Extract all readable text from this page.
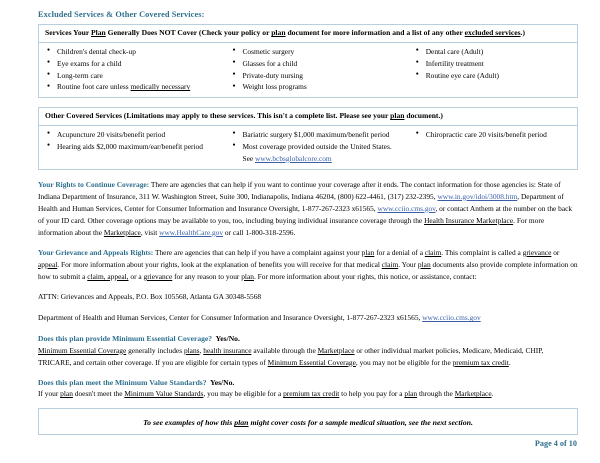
Excluded Services & Other Covered Services:
Services Your Plan Generally Does NOT Cover (Check your policy or plan document for more information and a list of any other excluded services.)

● Children's dental check-up
● Eye exams for a child
● Long-term care
● Routine foot care unless medically necessary

● Cosmetic surgery
● Glasses for a child
● Private-duty nursing
● Weight loss programs

● Dental care (Adult)
● Infertility treatment
● Routine eye care (Adult)
Other Covered Services (Limitations may apply to these services. This isn't a complete list. Please see your plan document.)

● Acupuncture 20 visits/benefit period
● Hearing aids $2,000 maximum/ear/benefit period

● Bariatric surgery $1,000 maximum/benefit period
● Most coverage provided outside the United States. See www.bcbsglobalcore.com

● Chiropractic care 20 visits/benefit period

Your Rights to Continue Coverage: There are agencies that can help if you want to continue your coverage after it ends. The contact information for those agencies is: State of Indiana Department of Insurance, 311 W. Washington Street, Suite 300, Indianapolis, Indiana 46204, (800) 622-4461, (317) 232-2395, www.in.gov/idoi/3008.htm, Department of Health and Human Services, Center for Consumer Information and Insurance Oversight, 1-877-267-2323 x61565, www.cciio.cms.gov, or contact Anthem at the number on the back of your ID card. Other coverage options may be available to you, too, including buying individual insurance coverage through the Health Insurance Marketplace. For more information about the Marketplace, visit www.HealthCare.gov or call 1-800-318-2596.

Your Grievance and Appeals Rights: There are agencies that can help if you have a complaint against your plan for a denial of a claim. This complaint is called a grievance or appeal. For more information about your rights, look at the explanation of benefits you will receive for that medical claim. Your plan documents also provide complete information on how to submit a claim, appeal, or a grievance for any reason to your plan. For more information about your rights, this notice, or assistance, contact:

ATTN: Grievances and Appeals, P.O. Box 105568, Atlanta GA 30348-5568

Department of Health and Human Services, Center for Consumer Information and Insurance Oversight, 1-877-267-2323 x61565, www.cciio.cms.gov

Does this plan provide Minimum Essential Coverage? Yes/No.

Minimum Essential Coverage generally includes plans, health insurance available through the Marketplace or other individual market policies, Medicare, Medicaid, CHIP, TRICARE, and certain other coverage. If you are eligible for certain types of Minimum Essential Coverage, you may not be eligible for the premium tax credit.

Does this plan meet the Minimum Value Standards? Yes/No.

If your plan doesn't meet the Minimum Value Standards, you may be eligible for a premium tax credit to help you pay for a plan through the Marketplace.

To see examples of how this plan might cover costs for a sample medical situation, see the next section.
Page 4 of 10
